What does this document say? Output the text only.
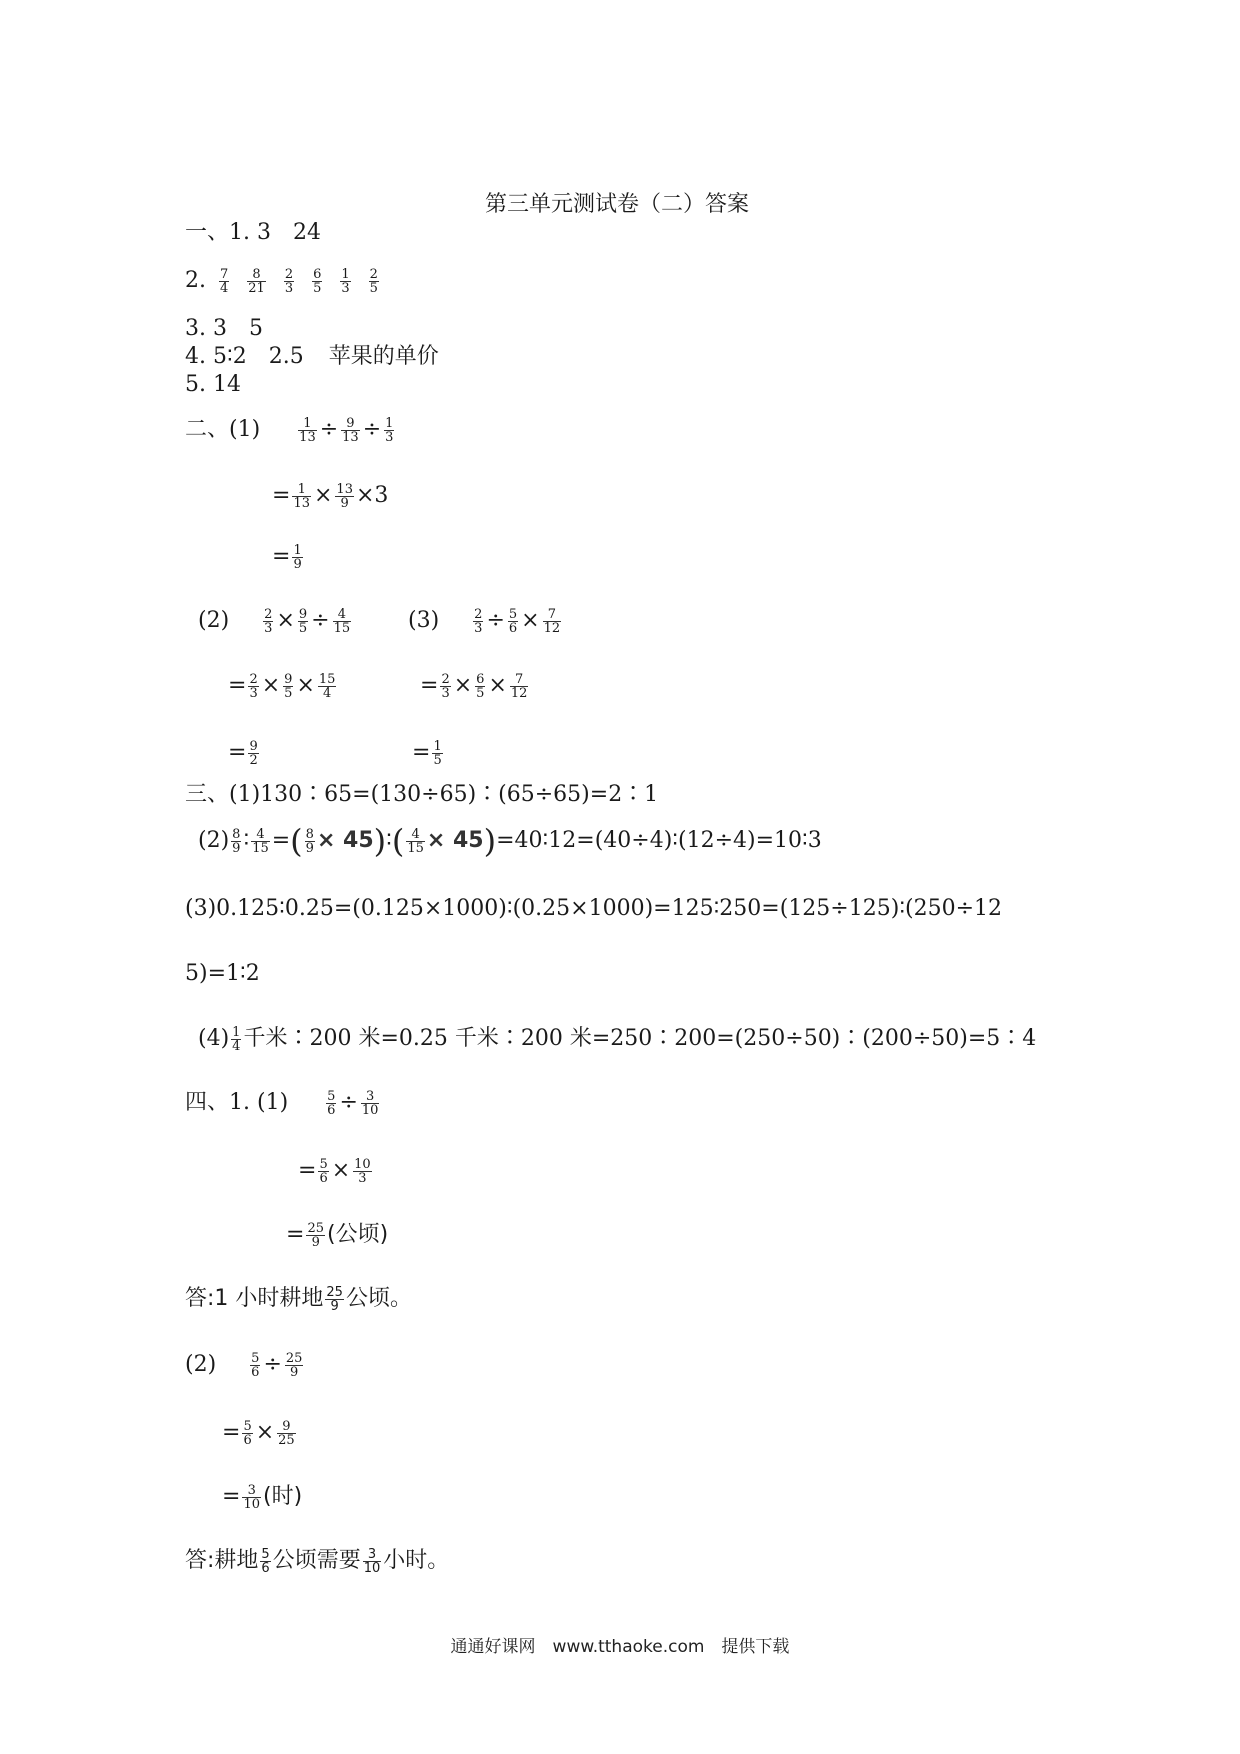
第三单元测试卷（二）答案
一、1. 3　24
2. $\frac{7}{4} \frac{8}{21} \frac{2}{3} \frac{6}{5} \frac{1}{3} \frac{2}{5}$
3. 3　5
4. 5∶2　2.5 苹果的单价
5. 14
二、(1)	$\frac{1}{13} \div \frac{9}{13} \div \frac{1}{3}$
= $\frac{1}{13} \times \frac{13}{9} \times 3$
= $\frac{1}{9}$
(2)	$\frac{2}{3} \times \frac{9}{5} \div \frac{4}{15}$	(3)	$\frac{2}{3} \div \frac{5}{6} \times \frac{7}{12}$
= $\frac{2}{3} \times \frac{9}{5} \times \frac{15}{4}$	= $\frac{2}{3} \times \frac{6}{5} \times \frac{7}{12}$
= $\frac{9}{2}$	= $\frac{1}{5}$
三、(1)130∶65=(130÷65)∶(65÷65)=2∶1
$(2) \frac{8}{9}$ ∶ $\frac{4}{15}$ =( $\frac{8}{9}$ × 45)∶( $\frac{4}{15}$ × 45)=40∶12=(40÷4)∶(12÷4)=10∶3
(3)0.125∶0.25=(0.125×1000)∶(0.25×1000)=125∶250=(125÷125)∶(250÷12
5)=1∶2
$(4) \frac{1}{4}$ 千米∶200 米=0.25 千米∶200 米=250∶200=(250÷50)∶(200÷50)=5∶4
四、1. (1)	$\frac{5}{6} \div \frac{3}{10}$
= $\frac{5}{6} \times \frac{10}{3}$
= $\frac{25}{9}$ (公顷)
答:1 小时耕地 $\frac{25}{9}$ 公顷。
(2)	$\frac{5}{6} \div \frac{25}{9}$
= $\frac{5}{6} \times \frac{9}{25}$
= $\frac{3}{10}$ (时)
答:耕地 $\frac{5}{6}$ 公顷需要 $\frac{3}{10}$ 小时。
通通好课网　www.tthaoke.com　提供下载
